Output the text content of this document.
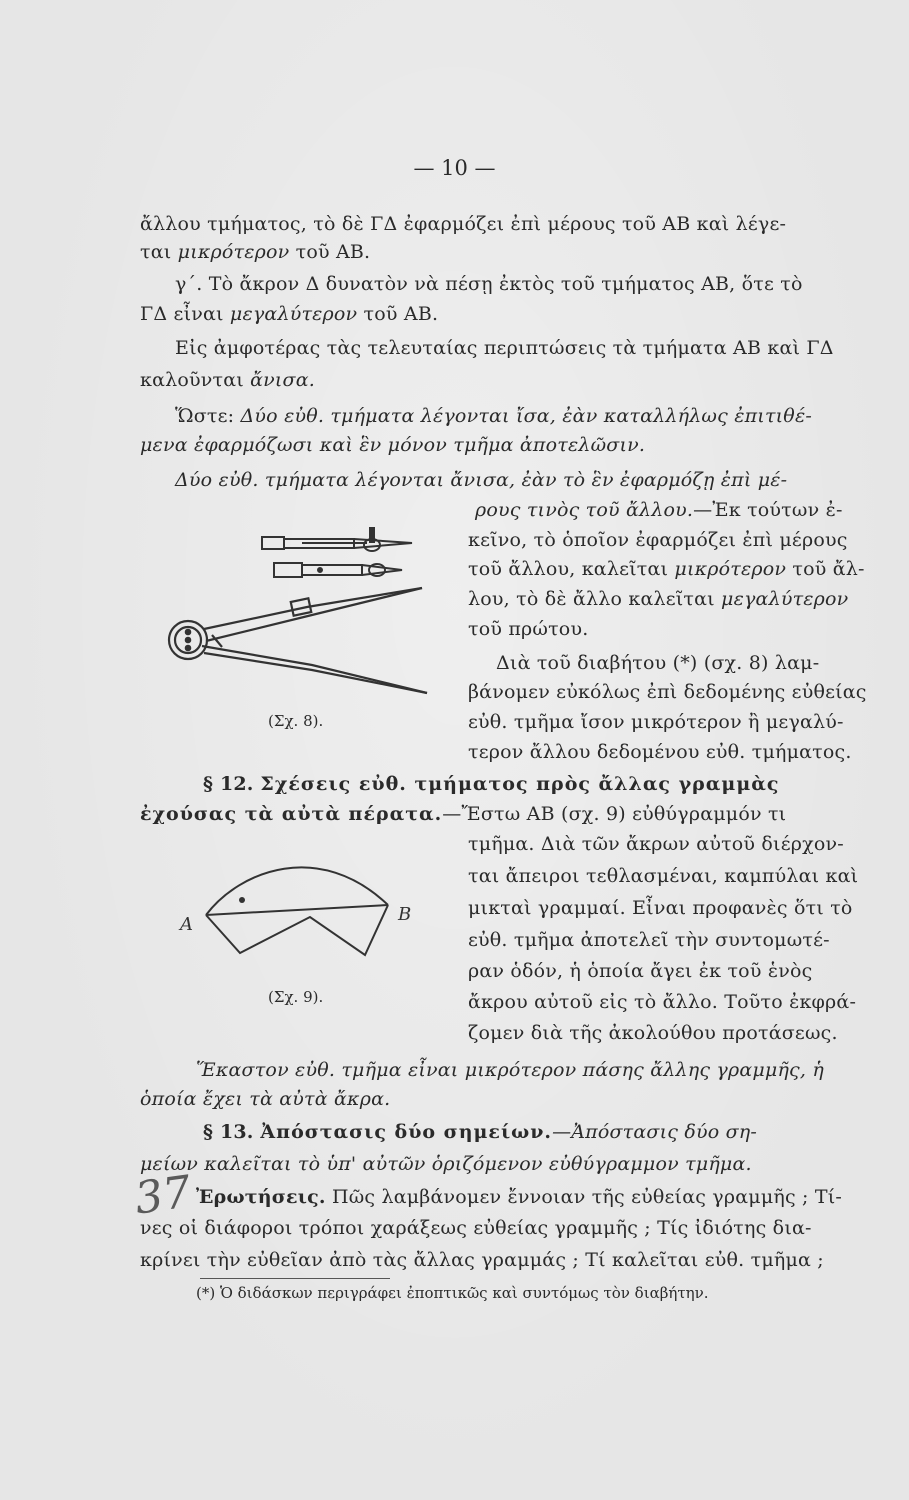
— 10 —
ἄλλου τμήματος, τὸ δὲ ΓΔ ἐφαρμόζει ἐπὶ μέρους τοῦ ΑΒ καὶ λέγε-
ται μικρότερον τοῦ ΑΒ.
γ΄. Τὸ ἄκρον Δ δυνατὸν νὰ πέσῃ ἐκτὸς τοῦ τμήματος ΑΒ, ὅτε τὸ
ΓΔ εἶναι μεγαλύτερον τοῦ ΑΒ.
Εἰς ἀμφοτέρας τὰς τελευταίας περιπτώσεις τὰ τμήματα ΑΒ καὶ ΓΔ
καλοῦνται ἄνισα.
Ὥστε: Δύο εὐθ. τμήματα λέγονται ἴσα, ἐὰν καταλλήλως ἐπιτιθέ-
μενα ἐφαρμόζωσι καὶ ἓν μόνον τμῆμα ἀποτελῶσιν.
Δύο εὐθ. τμήματα λέγονται ἄνισα, ἐὰν τὸ ἓν ἐφαρμόζῃ ἐπὶ μέ-
ρους τινὸς τοῦ ἄλλου.—Ἐκ τούτων ἐ-
κεῖνο, τὸ ὁποῖον ἐφαρμόζει ἐπὶ μέρους
τοῦ ἄλλου, καλεῖται μικρότερον τοῦ ἄλ-
λου, τὸ δὲ ἄλλο καλεῖται μεγαλύτερον
τοῦ πρώτου.
Διὰ τοῦ διαβήτου (*) (σχ. 8) λαμ-
βάνομεν εὐκόλως ἐπὶ δεδομένης εὐθείας
εὐθ. τμῆμα ἴσον μικρότερον ἢ μεγαλύ-
τερον ἄλλου δεδομένου εὐθ. τμήματος.
(Σχ. 8).
§ 12. Σχέσεις εὐθ. τμήματος πρὸς ἄλλας γραμμὰς
ἐχούσας τὰ αὐτὰ πέρατα.—Ἔστω ΑΒ (σχ. 9) εὐθύγραμμόν τι
τμῆμα. Διὰ τῶν ἄκρων αὐτοῦ διέρχον-
ται ἄπειροι τεθλασμέναι, καμπύλαι καὶ
μικταὶ γραμμαί. Εἶναι προφανὲς ὅτι τὸ
εὐθ. τμῆμα ἀποτελεῖ τὴν συντομωτέ-
ραν ὁδόν, ἡ ὁποία ἄγει ἐκ τοῦ ἑνὸς
ἄκρου αὐτοῦ εἰς τὸ ἄλλο. Τοῦτο ἐκφρά-
ζομεν διὰ τῆς ἀκολούθου προτάσεως.
A	B
(Σχ. 9).
Ἕκαστον εὐθ. τμῆμα εἶναι μικρότερον πάσης ἄλλης γραμμῆς, ἡ
ὁποία ἔχει τὰ αὐτὰ ἄκρα.
§ 13. Ἀπόστασις δύο σημείων.—Ἀπόστασις δύο ση-
μείων καλεῖται τὸ ὑπ' αὐτῶν ὁριζόμενον εὐθύγραμμον τμῆμα.
Ἐρωτήσεις. Πῶς λαμβάνομεν ἔννοιαν τῆς εὐθείας γραμμῆς ; Τί-
νες οἱ διάφοροι τρόποι χαράξεως εὐθείας γραμμῆς ; Τίς ἰδιότης δια-
κρίνει τὴν εὐθεῖαν ἀπὸ τὰς ἄλλας γραμμάς ; Τί καλεῖται εὐθ. τμῆμα ;
(*) Ὁ διδάσκων περιγράφει ἐποπτικῶς καὶ συντόμως τὸν διαβήτην.
37
